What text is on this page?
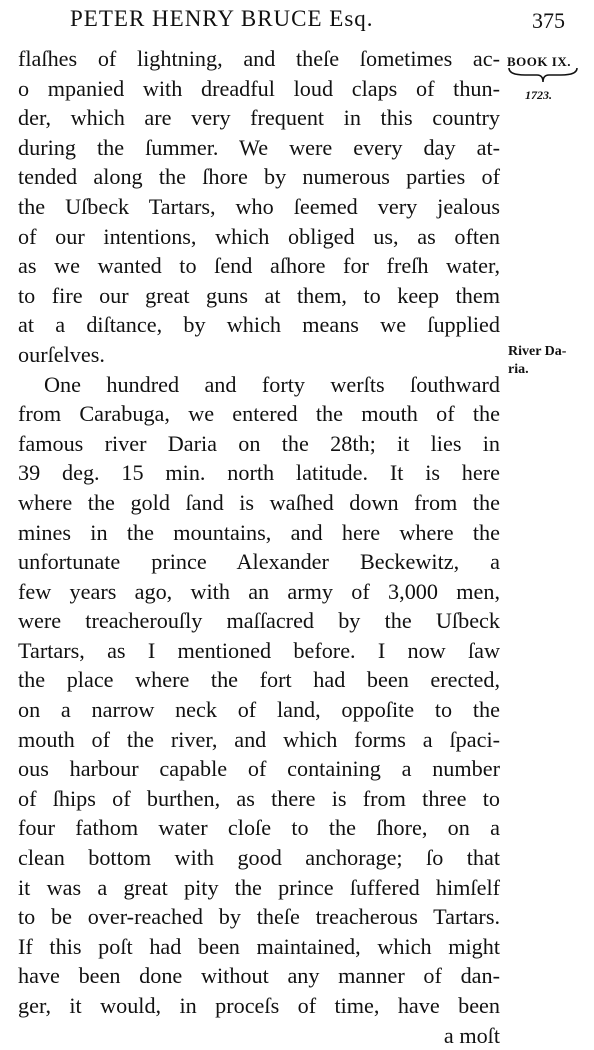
PETER HENRY BRUCE Esq.	375
BOOK IX.
1723.
River Da-
ria.
flaſhes of lightning, and theſe ſometimes ac-
o mpanied with dreadful loud claps of thun-
der, which are very frequent in this country
during the ſummer. We were every day at-
tended along the ſhore by numerous parties of
the Uſbeck Tartars, who ſeemed very jealous
of our intentions, which obliged us, as often
as we wanted to ſend aſhore for freſh water,
to fire our great guns at them, to keep them
at a diſtance, by which means we ſupplied
ourſelves.
One hundred and forty werſts ſouthward
from Carabuga, we entered the mouth of the
famous river Daria on the 28th; it lies in
39 deg. 15 min. north latitude. It is here
where the gold ſand is waſhed down from the
mines in the mountains, and here where the
unfortunate prince Alexander Beckewitz, a
few years ago, with an army of 3,000 men,
were treacherouſly maſſacred by the Uſbeck
Tartars, as I mentioned before. I now ſaw
the place where the fort had been erected,
on a narrow neck of land, oppoſite to the
mouth of the river, and which forms a ſpaci-
ous harbour capable of containing a number
of ſhips of burthen, as there is from three to
four fathom water cloſe to the ſhore, on a
clean bottom with good anchorage; ſo that
it was a great pity the prince ſuffered himſelf
to be over-reached by theſe treacherous Tartars.
If this poſt had been maintained, which might
have been done without any manner of dan-
ger, it would, in proceſs of time, have been
a moſt
